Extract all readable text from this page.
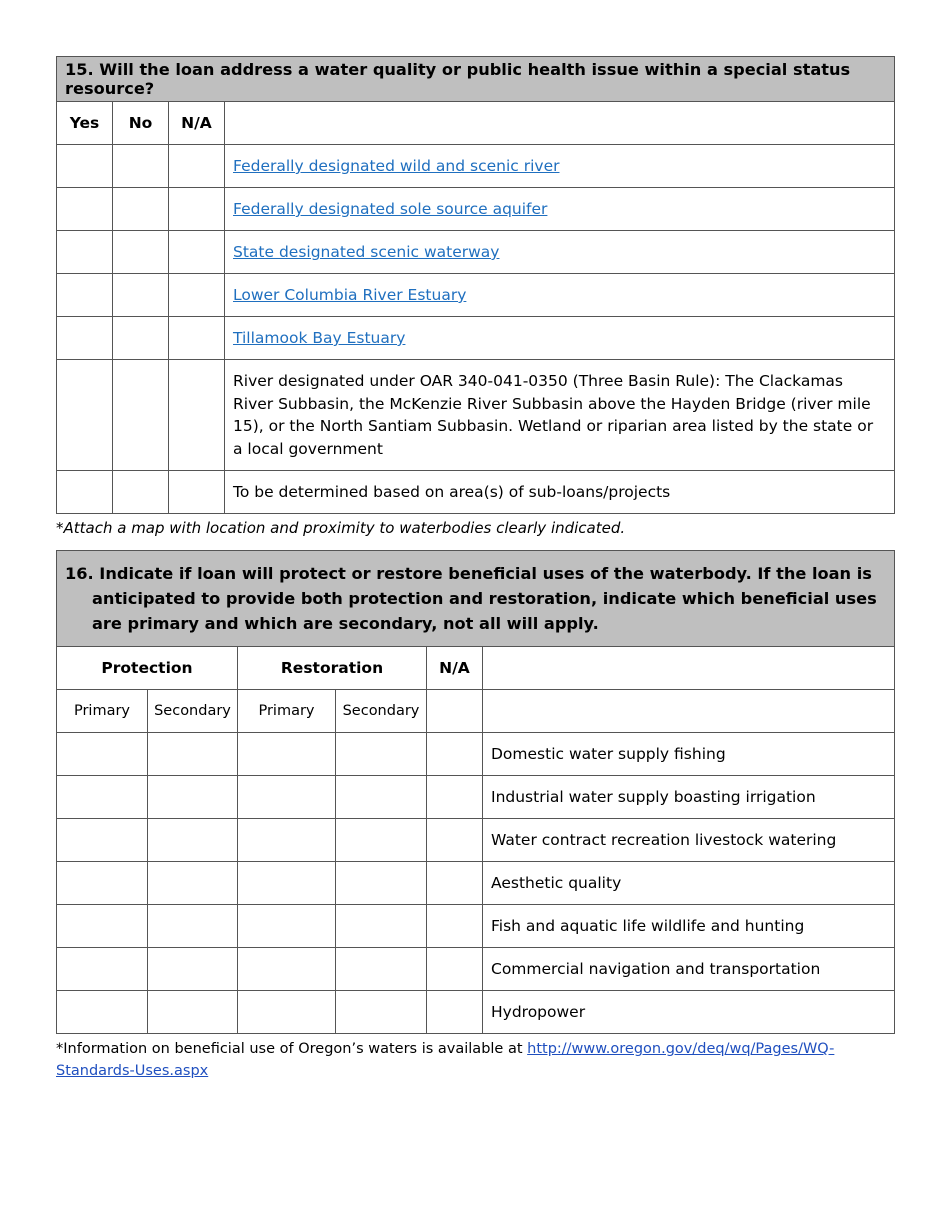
15. Will the loan address a water quality or public health issue within a special status resource?			
Yes	No	N/A	
			Federally designated wild and scenic river
			Federally designated sole source aquifer
			State designated scenic waterway
			Lower Columbia River Estuary
			Tillamook Bay Estuary
			River designated under OAR 340-041-0350 (Three Basin Rule): The Clackamas River Subbasin, the McKenzie River Subbasin above the Hayden Bridge (river mile 15), or the North Santiam Subbasin. Wetland or riparian area listed by the state or a local government
			To be determined based on area(s) of sub-loans/projects
*Attach a map with location and proximity to waterbodies clearly indicated.
16. Indicate if loan will protect or restore beneficial uses of the waterbody. If the loan is anticipated to provide both protection and restoration, indicate which beneficial uses are primary and which are secondary, not all will apply.					

Protection		Restoration		N/A	
Primary	Secondary	Primary	Secondary		
					Domestic water supply fishing
					Industrial water supply boasting irrigation
					Water contract recreation livestock watering
					Aesthetic quality
					Fish and aquatic life wildlife and hunting
					Commercial navigation and transportation
					Hydropower
*Information on beneficial use of Oregon’s waters is available at http://www.oregon.gov/deq/wq/Pages/WQ- Standards-Uses.aspx
